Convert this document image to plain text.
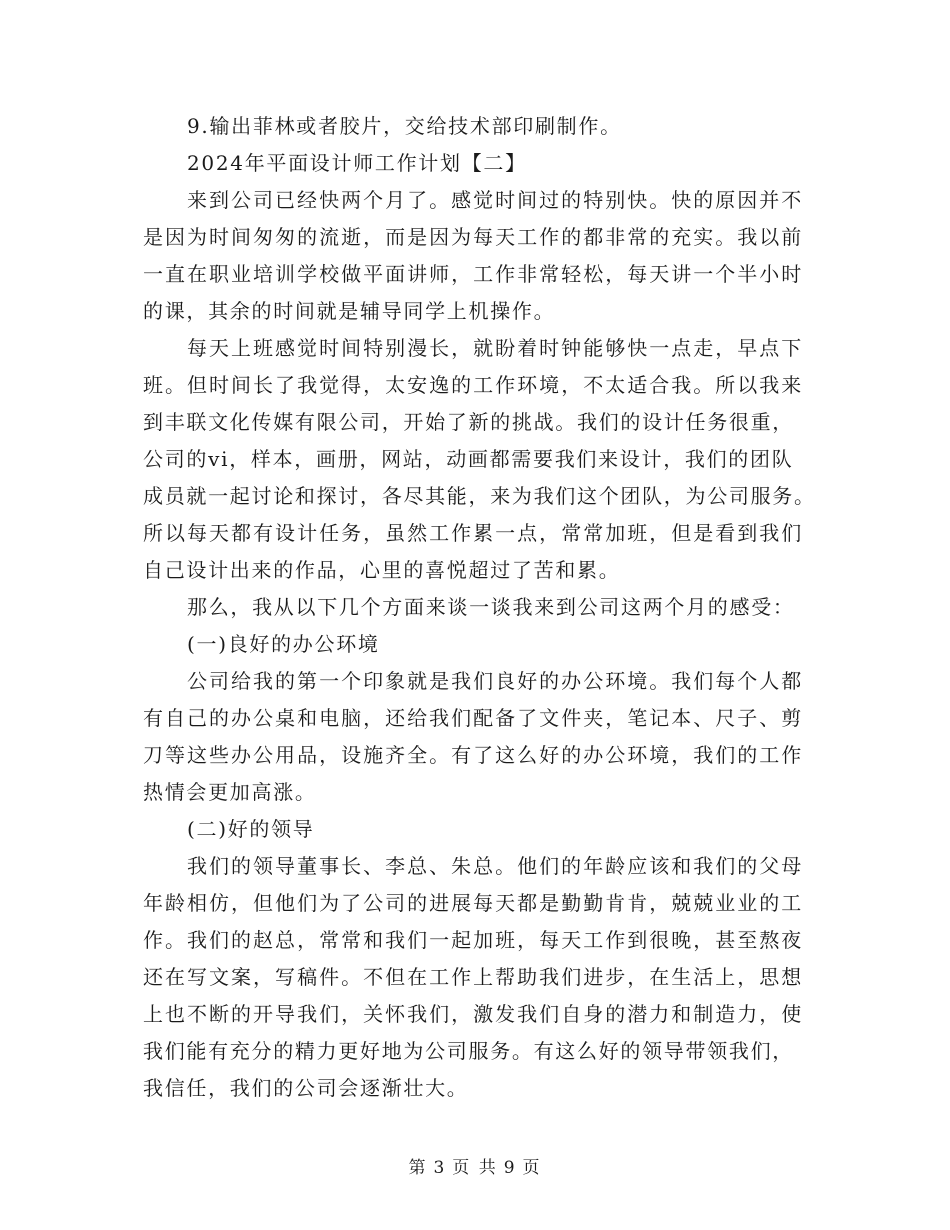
9.输出菲林或者胶片，交给技术部印刷制作。
2024年平面设计师工作计划【二】
来到公司已经快两个月了。感觉时间过的特别快。快的原因并不
是因为时间匆匆的流逝，而是因为每天工作的都非常的充实。我以前
一直在职业培训学校做平面讲师，工作非常轻松，每天讲一个半小时
的课，其余的时间就是辅导同学上机操作。
每天上班感觉时间特别漫长，就盼着时钟能够快一点走，早点下
班。但时间长了我觉得，太安逸的工作环境，不太适合我。所以我来
到丰联文化传媒有限公司，开始了新的挑战。我们的设计任务很重，
公司的vi，样本，画册，网站，动画都需要我们来设计，我们的团队
成员就一起讨论和探讨，各尽其能，来为我们这个团队，为公司服务。
所以每天都有设计任务，虽然工作累一点，常常加班，但是看到我们
自己设计出来的作品，心里的喜悦超过了苦和累。
那么，我从以下几个方面来谈一谈我来到公司这两个月的感受：
(一)良好的办公环境
公司给我的第一个印象就是我们良好的办公环境。我们每个人都
有自己的办公桌和电脑，还给我们配备了文件夹，笔记本、尺子、剪
刀等这些办公用品，设施齐全。有了这么好的办公环境，我们的工作
热情会更加高涨。
(二)好的领导
我们的领导董事长、李总、朱总。他们的年龄应该和我们的父母
年龄相仿，但他们为了公司的进展每天都是勤勤肯肯，兢兢业业的工
作。我们的赵总，常常和我们一起加班，每天工作到很晚，甚至熬夜
还在写文案，写稿件。不但在工作上帮助我们进步，在生活上，思想
上也不断的开导我们，关怀我们，激发我们自身的潜力和制造力，使
我们能有充分的精力更好地为公司服务。有这么好的领导带领我们，
我信任，我们的公司会逐渐壮大。
第 3 页 共 9 页
